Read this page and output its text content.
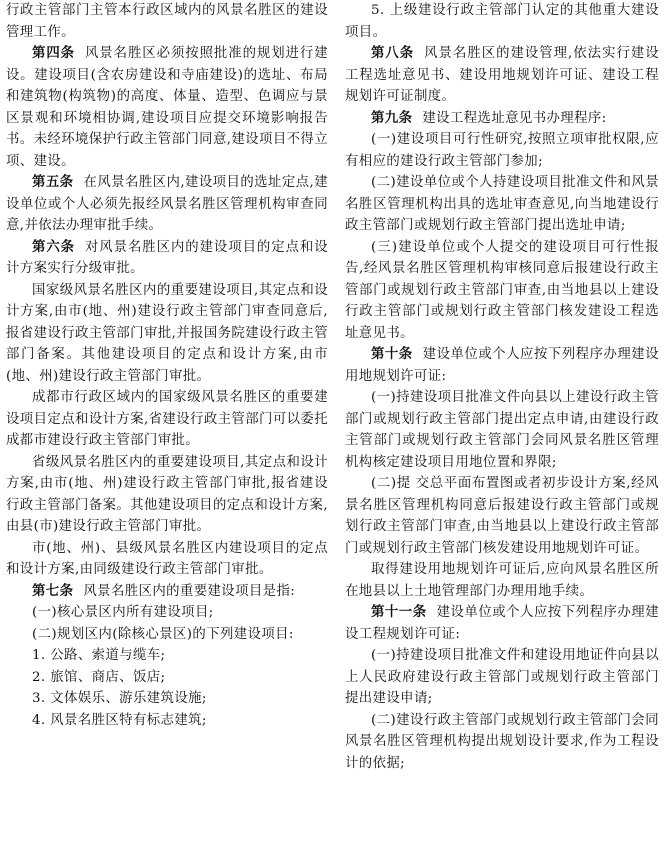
行政主管部门主管本行政区域内的风景名胜区的建设管理工作。

第四条 风景名胜区必须按照批准的规划进行建设。建设项目(含农房建设和寺庙建设)的选址、布局和建筑物(构筑物)的高度、体量、造型、色调应与景区景观和环境相协调,建设项目应提交环境影响报告书。未经环境保护行政主管部门同意,建设项目不得立项、建设。

第五条 在风景名胜区内,建设项目的选址定点,建设单位或个人必须先报经风景名胜区管理机构审查同意,并依法办理审批手续。

第六条 对风景名胜区内的建设项目的定点和设计方案实行分级审批。

国家级风景名胜区内的重要建设项目,其定点和设计方案,由市(地、州)建设行政主管部门审查同意后,报省建设行政主管部门审批,并报国务院建设行政主管部门备案。其他建设项目的定点和设计方案,由市(地、州)建设行政主管部门审批。

成都市行政区域内的国家级风景名胜区的重要建设项目定点和设计方案,省建设行政主管部门可以委托成都市建设行政主管部门审批。

省级风景名胜区内的重要建设项目,其定点和设计方案,由市(地、州)建设行政主管部门审批,报省建设行政主管部门备案。其他建设项目的定点和设计方案,由县(市)建设行政主管部门审批。

市(地、州)、县级风景名胜区内建设项目的定点和设计方案,由同级建设行政主管部门审批。

第七条 风景名胜区内的重要建设项目是指:

(一)核心景区内所有建设项目;

(二)规划区内(除核心景区)的下列建设项目:

1. 公路、索道与缆车;

2. 旅馆、商店、饭店;

3. 文体娱乐、游乐建筑设施;

4. 风景名胜区特有标志建筑;

5. 上级建设行政主管部门认定的其他重大建设项目。

第八条 风景名胜区的建设管理,依法实行建设工程选址意见书、建设用地规划许可证、建设工程规划许可证制度。

第九条 建设工程选址意见书办理程序:

(一)建设项目可行性研究,按照立项审批权限,应有相应的建设行政主管部门参加;

(二)建设单位或个人持建设项目批准文件和风景名胜区管理机构出具的选址审查意见,向当地建设行政主管部门或规划行政主管部门提出选址申请;

(三)建设单位或个人提交的建设项目可行性报告,经风景名胜区管理机构审核同意后报建设行政主管部门或规划行政主管部门审查,由当地县以上建设行政主管部门或规划行政主管部门核发建设工程选址意见书。

第十条 建设单位或个人应按下列程序办理建设用地规划许可证:

(一)持建设项目批准文件向县以上建设行政主管部门或规划行政主管部门提出定点申请,由建设行政主管部门或规划行政主管部门会同风景名胜区管理机构核定建设项目用地位置和界限;

(二)提 交总平面布置图或者初步设计方案,经风景名胜区管理机构同意后报建设行政主管部门或规划行政主管部门审查,由当地县以上建设行政主管部门或规划行政主管部门核发建设用地规划许可证。

取得建设用地规划许可证后,应向风景名胜区所在地县以上土地管理部门办理用地手续。

第十一条 建设单位或个人应按下列程序办理建设工程规划许可证:

(一)持建设项目批准文件和建设用地证件向县以上人民政府建设行政主管部门或规划行政主管部门提出建设申请;

(二)建设行政主管部门或规划行政主管部门会同风景名胜区管理机构提出规划设计要求,作为工程设计的依据;
